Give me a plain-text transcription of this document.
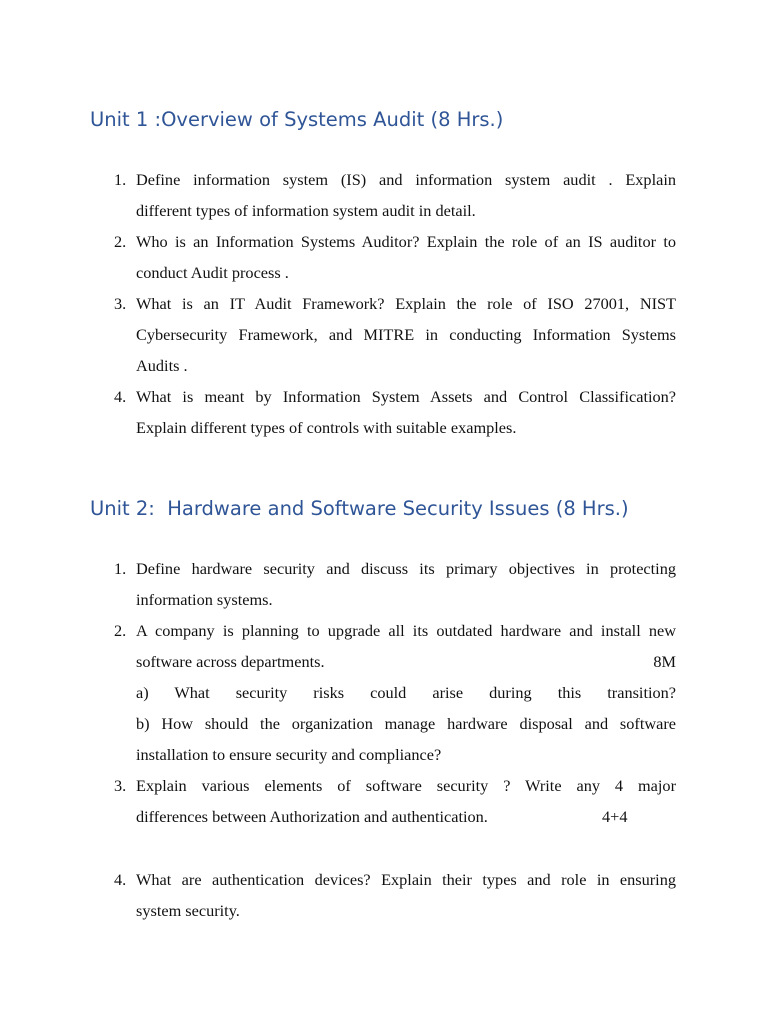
Unit 1 :Overview of Systems Audit (8 Hrs.)
1. Define information system (IS) and information system audit . Explain
different types of information system audit in detail.
2. Who is an Information Systems Auditor? Explain the role of an IS auditor to
conduct Audit process .
3. What is an IT Audit Framework? Explain the role of ISO 27001, NIST
Cybersecurity Framework, and MITRE in conducting Information Systems
Audits .
4. What is meant by Information System Assets and Control Classification?
Explain different types of controls with suitable examples.
Unit 2:  Hardware and Software Security Issues (8 Hrs.)
1. Define hardware security and discuss its primary objectives in protecting
information systems.
2. A company is planning to upgrade all its outdated hardware and install new
software across departments.	8M
a) What security risks could arise during this transition?
b) How should the organization manage hardware disposal and software
installation to ensure security and compliance?
3. Explain various elements of software security ? Write any 4 major
differences between Authorization and authentication.	4+4
4. What are authentication devices? Explain their types and role in ensuring
system security.
